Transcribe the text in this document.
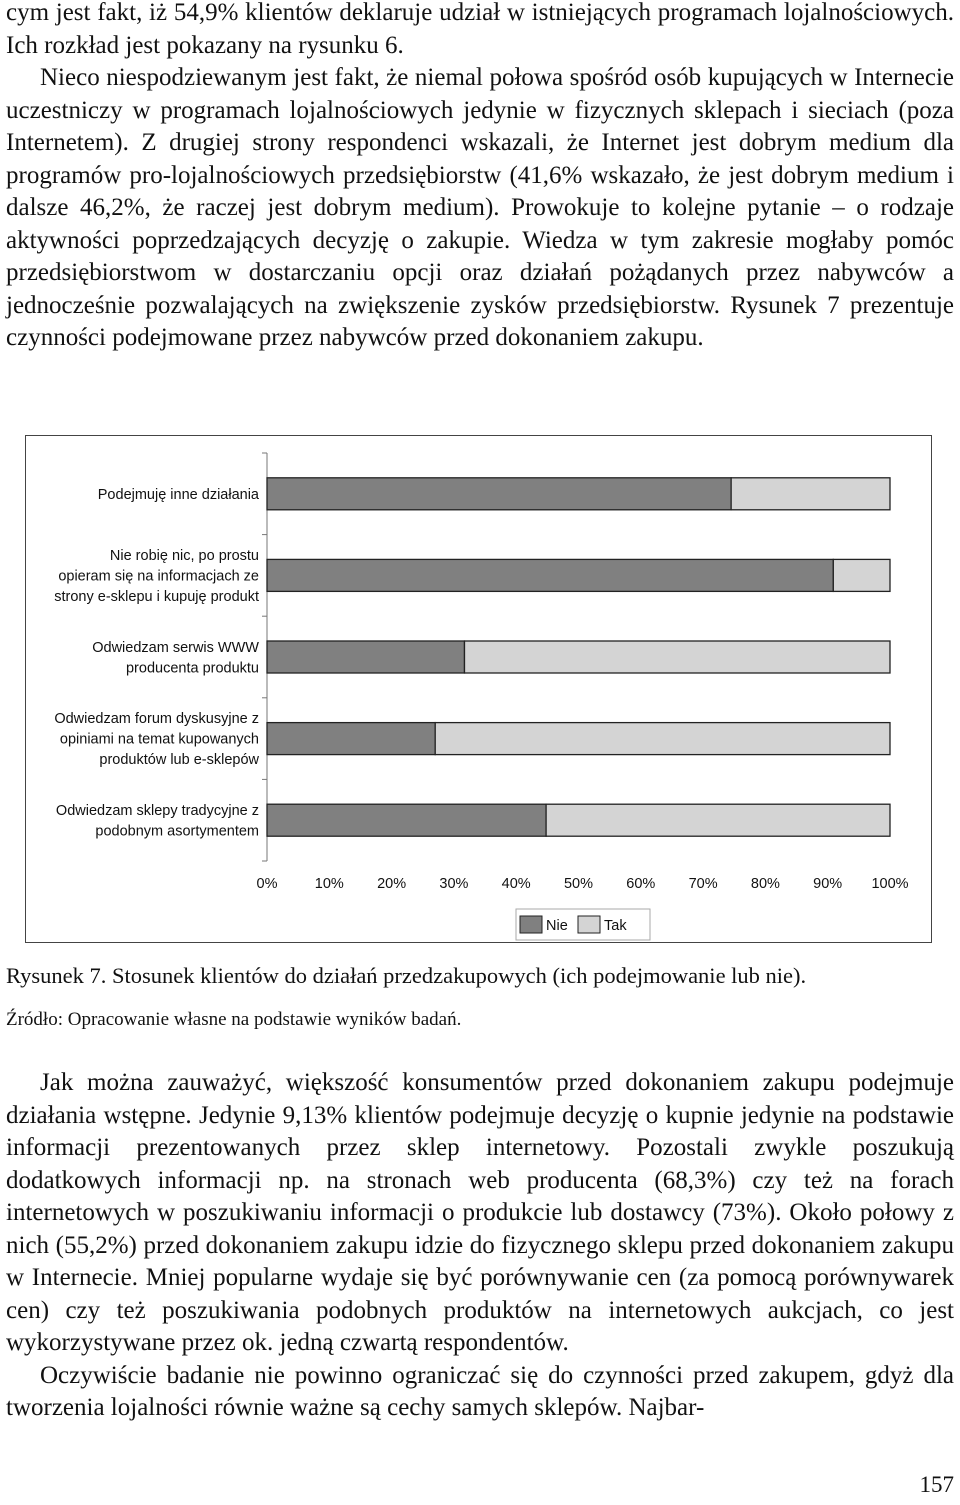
cym jest fakt, iż 54,9% klientów deklaruje udział w istniejących programach lojalnościowych. Ich rozkład jest pokazany na rysunku 6.

Nieco niespodziewanym jest fakt, że niemal połowa spośród osób kupujących w Internecie uczestniczy w programach lojalnościowych jedynie w fizycznych sklepach i sieciach (poza Internetem). Z drugiej strony respondenci wskazali, że Internet jest dobrym medium dla programów pro-lojalnościowych przedsiębiorstw (41,6% wskazało, że jest dobrym medium i dalsze 46,2%, że raczej jest dobrym medium). Prowokuje to kolejne pytanie – o rodzaje aktywności poprzedzających decyzję o zakupie. Wiedza w tym zakresie mogłaby pomóc przedsiębiorstwom w dostarczaniu opcji oraz działań pożądanych przez nabywców a jednocześnie pozwalających na zwiększenie zysków przedsiębiorstw. Rysunek 7 prezentuje czynności podejmowane przez nabywców przed dokonaniem zakupu.

Podejmuję inne działania
Nie robię nic, po prostu
opieram się na informacjach ze
strony e-sklepu i kupuję produkt
Odwiedzam serwis WWW
producenta produktu
Odwiedzam forum dyskusyjne z
opiniami na temat kupowanych
produktów lub e-sklepów
Odwiedzam sklepy tradycyjne z
podobnym asortymentem
0%	10% 20% 30% 40% 50% 60% 70% 80% 90% 100%
Nie Tak
Rysunek 7. Stosunek klientów do działań przedzakupowych (ich podejmowanie lub nie).
Źródło: Opracowanie własne na podstawie wyników badań.

Jak można zauważyć, większość konsumentów przed dokonaniem zakupu podejmuje działania wstępne. Jedynie 9,13% klientów podejmuje decyzję o kupnie jedynie na podstawie informacji prezentowanych przez sklep internetowy. Pozostali zwykle poszukują dodatkowych informacji np. na stronach web producenta (68,3%) czy też na forach internetowych w poszukiwaniu informacji o produkcie lub dostawcy (73%). Około połowy z nich (55,2%) przed dokonaniem zakupu idzie do fizycznego sklepu przed dokonaniem zakupu w Internecie. Mniej popularne wydaje się być porównywanie cen (za pomocą porównywarek cen) czy też poszukiwania podobnych produktów na internetowych aukcjach, co jest wykorzystywane przez ok. jedną czwartą respondentów.

Oczywiście badanie nie powinno ograniczać się do czynności przed zakupem, gdyż dla tworzenia lojalności równie ważne są cechy samych sklepów. Najbar-

157
